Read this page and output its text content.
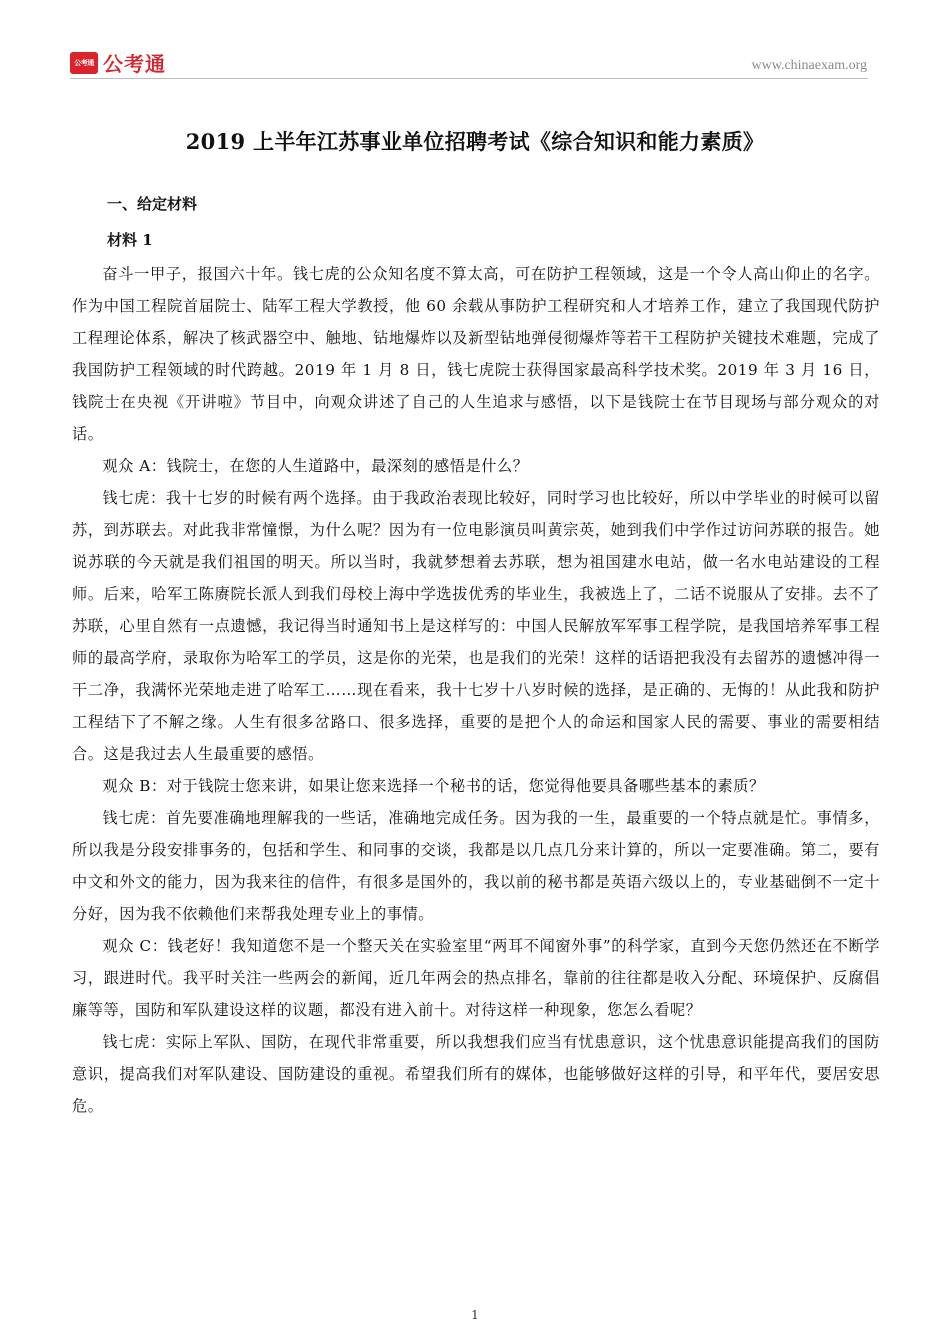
公考通 公考通	www.chinaexam.org
2019 上半年江苏事业单位招聘考试《综合知识和能力素质》
一、给定材料
材料 1

奋斗一甲子，报国六十年。钱七虎的公众知名度不算太高，可在防护工程领域，这是一个令人高山仰止的名字。作为中国工程院首届院士、陆军工程大学教授，他 60 余载从事防护工程研究和人才培养工作，建立了我国现代防护工程理论体系，解决了核武器空中、触地、钻地爆炸以及新型钻地弹侵彻爆炸等若干工程防护关键技术难题，完成了我国防护工程领域的时代跨越。2019 年 1 月 8 日，钱七虎院士获得国家最高科学技术奖。2019 年 3 月 16 日，钱院士在央视《开讲啦》节目中，向观众讲述了自己的人生追求与感悟，以下是钱院士在节目现场与部分观众的对话。

观众 A：钱院士，在您的人生道路中，最深刻的感悟是什么？

钱七虎：我十七岁的时候有两个选择。由于我政治表现比较好，同时学习也比较好，所以中学毕业的时候可以留苏，到苏联去。对此我非常憧憬，为什么呢？因为有一位电影演员叫黄宗英，她到我们中学作过访问苏联的报告。她说苏联的今天就是我们祖国的明天。所以当时，我就梦想着去苏联，想为祖国建水电站，做一名水电站建设的工程师。后来，哈军工陈赓院长派人到我们母校上海中学选拔优秀的毕业生，我被选上了，二话不说服从了安排。去不了苏联，心里自然有一点遗憾，我记得当时通知书上是这样写的：中国人民解放军军事工程学院，是我国培养军事工程师的最高学府，录取你为哈军工的学员，这是你的光荣，也是我们的光荣！这样的话语把我没有去留苏的遗憾冲得一干二净，我满怀光荣地走进了哈军工……现在看来，我十七岁十八岁时候的选择，是正确的、无悔的！从此我和防护工程结下了不解之缘。人生有很多岔路口、很多选择，重要的是把个人的命运和国家人民的需要、事业的需要相结合。这是我过去人生最重要的感悟。

观众 B：对于钱院士您来讲，如果让您来选择一个秘书的话，您觉得他要具备哪些基本的素质？

钱七虎：首先要准确地理解我的一些话，准确地完成任务。因为我的一生，最重要的一个特点就是忙。事情多，所以我是分段安排事务的，包括和学生、和同事的交谈，我都是以几点几分来计算的，所以一定要准确。第二，要有中文和外文的能力，因为我来往的信件，有很多是国外的，我以前的秘书都是英语六级以上的，专业基础倒不一定十分好，因为我不依赖他们来帮我处理专业上的事情。

观众 C：钱老好！我知道您不是一个整天关在实验室里“两耳不闻窗外事”的科学家，直到今天您仍然还在不断学习，跟进时代。我平时关注一些两会的新闻，近几年两会的热点排名，靠前的往往都是收入分配、环境保护、反腐倡廉等等，国防和军队建设这样的议题，都没有进入前十。对待这样一种现象，您怎么看呢？

钱七虎：实际上军队、国防，在现代非常重要，所以我想我们应当有忧患意识，这个忧患意识能提高我们的国防意识，提高我们对军队建设、国防建设的重视。希望我们所有的媒体，也能够做好这样的引导，和平年代，要居安思危。

1
